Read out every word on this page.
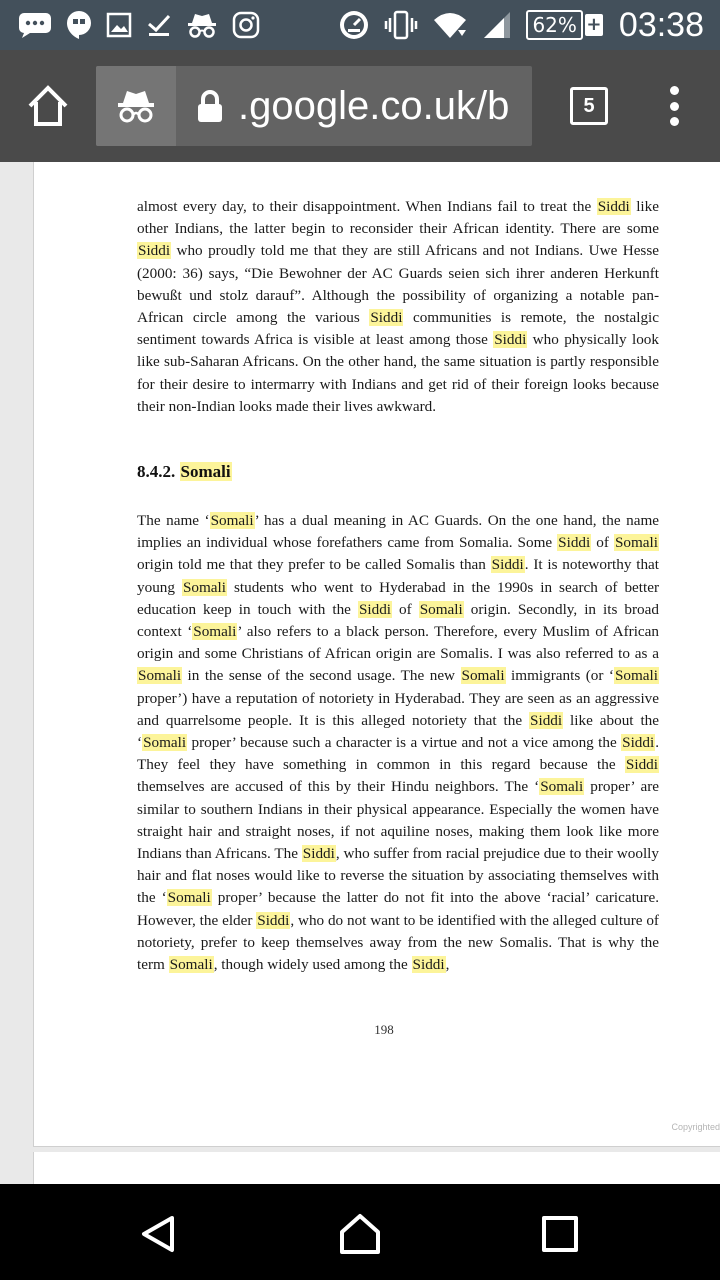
62% + 03:38
.google.co.uk/b	5
almost every day, to their disappointment. When Indians fail to treat the Siddi like other Indians, the latter begin to reconsider their African identity. There are some Siddi who proudly told me that they are still Africans and not Indians. Uwe Hesse (2000: 36) says, “Die Bewohner der AC Guards seien sich ihrer anderen Herkunft bewußt und stolz darauf”. Although the possibility of organizing a notable pan-African circle among the various Siddi communities is remote, the nostalgic sentiment towards Africa is visible at least among those Siddi who physically look like sub-Saharan Africans. On the other hand, the same situation is partly responsible for their desire to intermarry with Indians and get rid of their foreign looks because their non-Indian looks made their lives awkward.
8.4.2. Somali
The name ‘Somali’ has a dual meaning in AC Guards. On the one hand, the name implies an individual whose forefathers came from Somalia. Some Siddi of Somali origin told me that they prefer to be called Somalis than Siddi. It is noteworthy that young Somali students who went to Hyderabad in the 1990s in search of better education keep in touch with the Siddi of Somali origin. Secondly, in its broad context ‘Somali’ also refers to a black person. Therefore, every Muslim of African origin and some Christians of African origin are Somalis. I was also referred to as a Somali in the sense of the second usage. The new Somali immigrants (or ‘Somali proper’) have a reputation of notoriety in Hyderabad. They are seen as an aggressive and quarrelsome people. It is this alleged notoriety that the Siddi like about the ‘Somali proper’ because such a character is a virtue and not a vice among the Siddi. They feel they have something in common in this regard because the Siddi themselves are accused of this by their Hindu neighbors. The ‘Somali proper’ are similar to southern Indians in their physical appearance. Especially the women have straight hair and straight noses, if not aquiline noses, making them look like more Indians than Africans. The Siddi, who suffer from racial prejudice due to their woolly hair and flat noses would like to reverse the situation by associating themselves with the ‘Somali proper’ because the latter do not fit into the above ‘racial’ caricature. However, the elder Siddi, who do not want to be identified with the alleged culture of notoriety, prefer to keep themselves away from the new Somalis. That is why the term Somali, though widely used among the Siddi,
198
Copyrighted
